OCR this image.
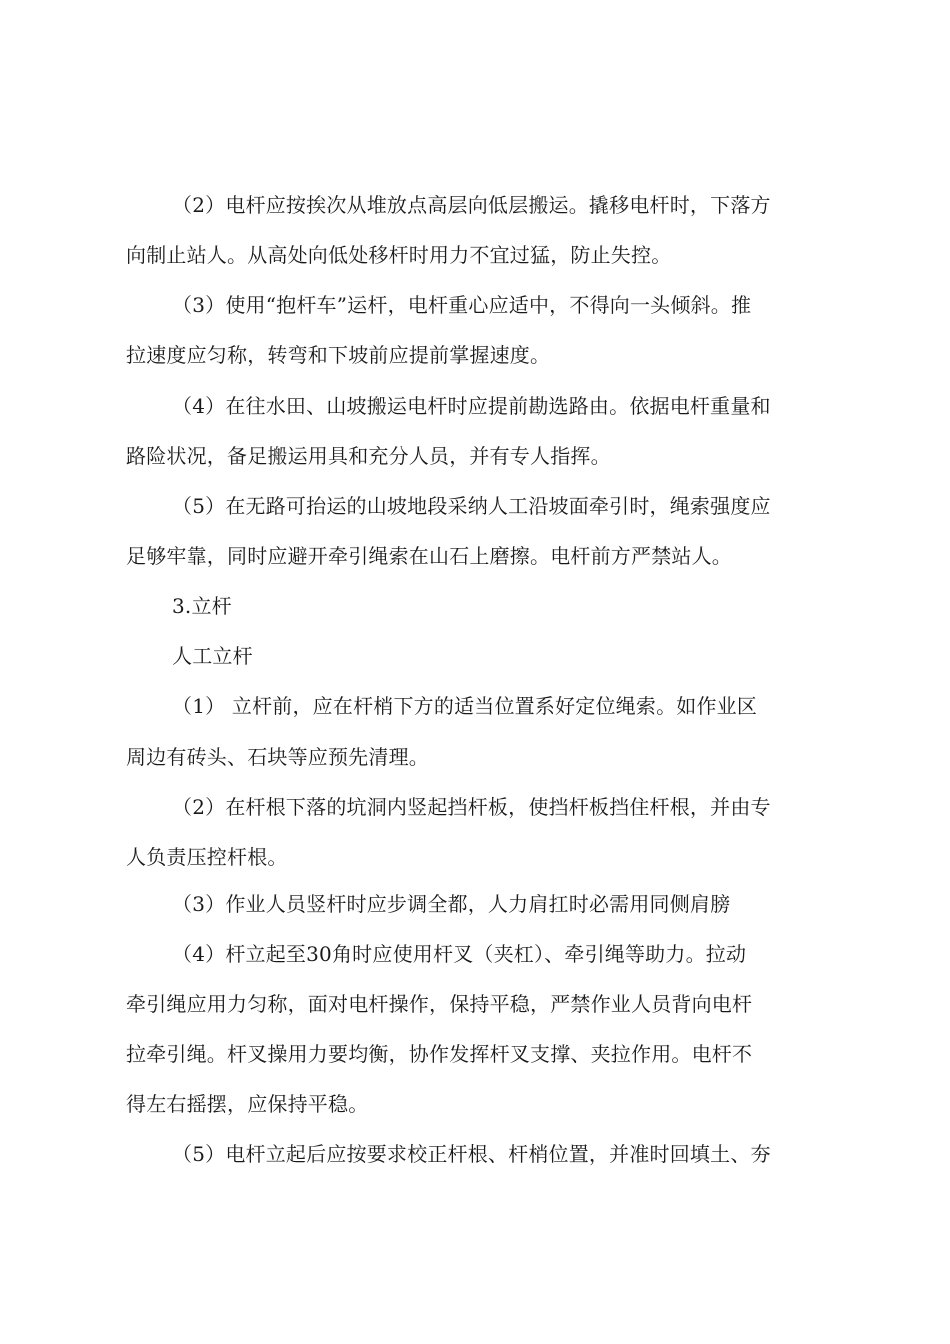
（2）电杆应按挨次从堆放点高层向低层搬运。撬移电杆时，下落方
向制止站人。从高处向低处移杆时用力不宜过猛，防止失控。
（3）使用“抱杆车”运杆，电杆重心应适中，不得向一头倾斜。推
拉速度应匀称，转弯和下坡前应提前掌握速度。
（4）在往水田、山坡搬运电杆时应提前勘选路由。依据电杆重量和
路险状况，备足搬运用具和充分人员，并有专人指挥。
（5）在无路可抬运的山坡地段采纳人工沿坡面牵引时，绳索强度应
足够牢靠，同时应避开牵引绳索在山石上磨擦。电杆前方严禁站人。
3.立杆
人工立杆
（1） 立杆前，应在杆梢下方的适当位置系好定位绳索。如作业区
周边有砖头、石块等应预先清理。
（2）在杆根下落的坑洞内竖起挡杆板，使挡杆板挡住杆根，并由专
人负责压控杆根。
（3）作业人员竖杆时应步调全都，人力肩扛时必需用同侧肩膀
（4）杆立起至30角时应使用杆叉（夹杠）、牵引绳等助力。拉动
牵引绳应用力匀称，面对电杆操作，保持平稳，严禁作业人员背向电杆
拉牵引绳。杆叉操用力要均衡，协作发挥杆叉支撑、夹拉作用。电杆不
得左右摇摆，应保持平稳。
（5）电杆立起后应按要求校正杆根、杆梢位置，并准时回填土、夯
